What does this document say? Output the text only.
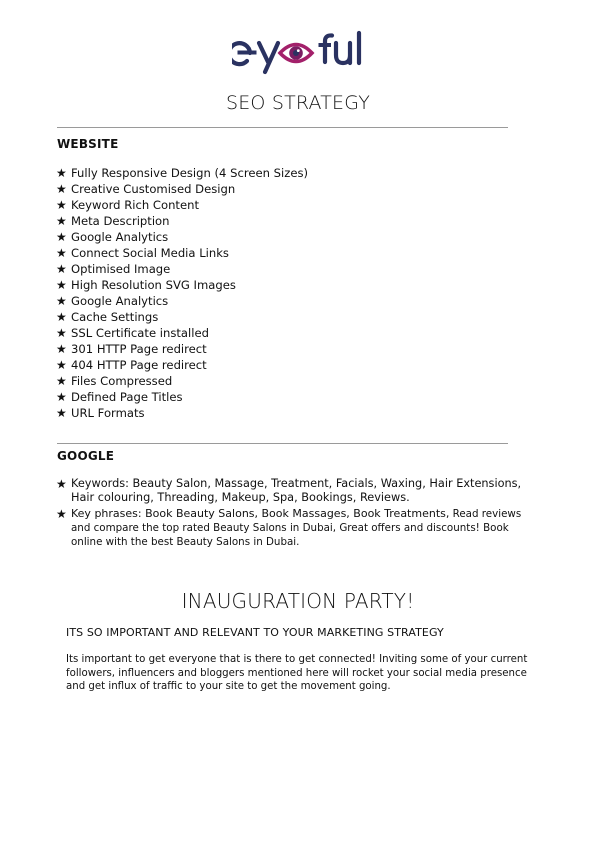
SEO STRATEGY
WEBSITE
★ Fully Responsive Design (4 Screen Sizes)
★ Creative Customised Design
★ Keyword Rich Content
★ Meta Description
★ Google Analytics
★ Connect Social Media Links
★ Optimised Image
★ High Resolution SVG Images
★ Google Analytics
★ Cache Settings
★ SSL Certificate installed
★ 301 HTTP Page redirect
★ 404 HTTP Page redirect
★ Files Compressed
★ Defined Page Titles
★ URL Formats
GOOGLE
★ Keywords: Beauty Salon, Massage, Treatment, Facials, Waxing, Hair Extensions, Hair colouring, Threading, Makeup, Spa, Bookings, Reviews.
★ Key phrases: Book Beauty Salons, Book Massages, Book Treatments, Read reviews and compare the top rated Beauty Salons in Dubai, Great offers and discounts! Book online with the best Beauty Salons in Dubai.
INAUGURATION PARTY!
ITS SO IMPORTANT AND RELEVANT TO YOUR MARKETING STRATEGY
Its important to get everyone that is there to get connected! Inviting some of your current followers, influencers and bloggers mentioned here will rocket your social media presence and get influx of traffic to your site to get the movement going.
